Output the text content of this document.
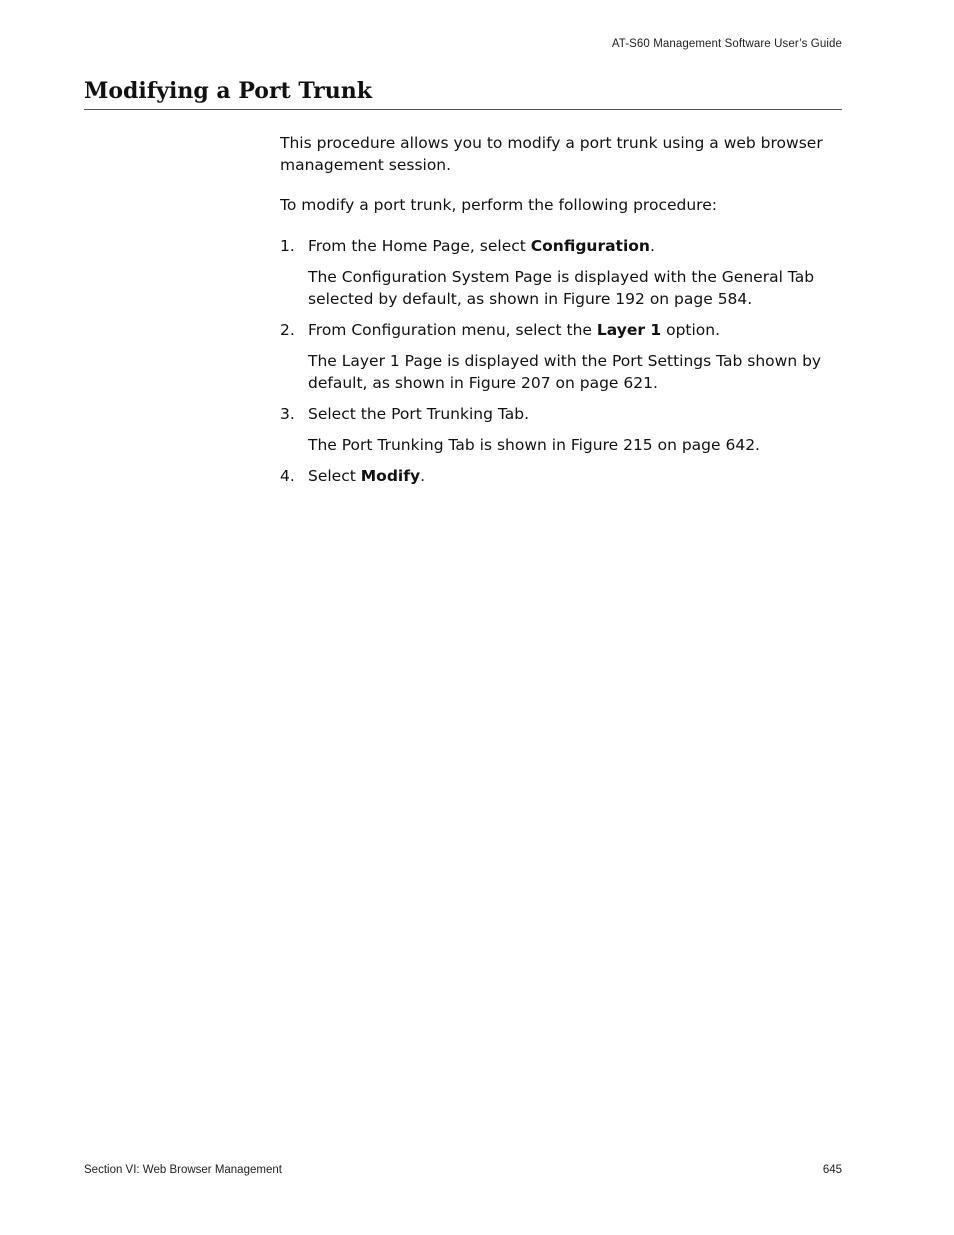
AT-S60 Management Software User’s Guide
Modifying a Port Trunk

This procedure allows you to modify a port trunk using a web browser management session.

To modify a port trunk, perform the following procedure:

1. From the Home Page, select Configuration.
The Configuration System Page is displayed with the General Tab selected by default, as shown in Figure 192 on page 584.
2. From Configuration menu, select the Layer 1 option.
The Layer 1 Page is displayed with the Port Settings Tab shown by default, as shown in Figure 207 on page 621.
3. Select the Port Trunking Tab.
The Port Trunking Tab is shown in Figure 215 on page 642.
4. Select Modify.
Section VI: Web Browser Management	645
